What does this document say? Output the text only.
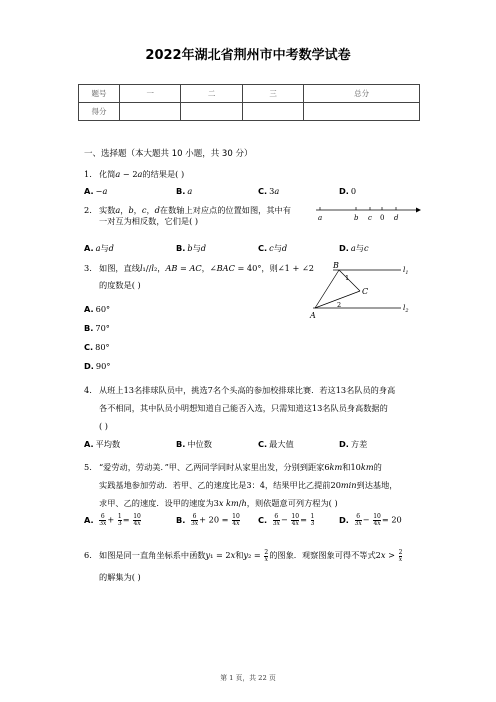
2022年湖北省荆州市中考数学试卷
题号	一	二	三	总分
得分				
一、选择题（本大题共 10 小题，共 30 分）
1. 化简𝑎 − 2𝑎的结果是( )
A. −𝑎	B. 𝑎	C. 3𝑎	D. 0
2. 实数𝑎，𝑏，𝑐，𝑑在数轴上对应点的位置如图，其中有
一对互为相反数，它们是( )	a	b c 0 d
A. 𝑎与𝑑	B. 𝑏与𝑑	C. 𝑐与𝑑	D. 𝑎与𝑐
3. 如图，直线𝑙₁//𝑙₂，𝐴𝐵 = 𝐴𝐶，∠𝐵𝐴𝐶 = 40°，则∠1 + ∠2
的度数是( )
B
C
A
1
2
$l_1$
$l_2$
A. 60°
B. 70°
C. 80°
D. 90°
4. 从班上13名排球队员中，挑选7名个头高的参加校排球比赛．若这13名队员的身高
各不相同，其中队员小明想知道自己能否入选，只需知道这13名队员身高数据的
( )
A. 平均数	B. 中位数	C. 最大值	D. 方差
5. “爱劳动，劳动美．”甲、乙两同学同时从家里出发，分别到距家6𝑘𝑚和10𝑘𝑚的
实践基地参加劳动．若甲、乙的速度比是3：4，结果甲比乙提前20𝑚𝑖𝑛到达基地，
求甲、乙的速度．设甲的速度为3𝑥 𝑘𝑚/ℎ，则依题意可列方程为( )
A. $\frac{6}{\text{3𝑥}} + \frac{1}{3} = \frac{10}{\text{4𝑥}}$	B. $\frac{6}{\text{3𝑥}} + 20 = \frac{10}{\text{4𝑥}} C$. $\frac{6}{\text{3𝑥}} - \frac{10}{\text{4𝑥}} = \frac{1}{3}$	D. $\frac{6}{\text{3𝑥}} - \frac{10}{\text{4𝑥}} = 20$
6. 如图是同一直角坐标系中函数𝑦₁ = 2𝑥和𝑦₂ = $\frac{2}{\text{𝑥}}$ 的图象．观察图象可得不等式2𝑥 > $\frac{2}{\text{𝑥}}$

的解集为( )
第 1 页，共 22 页
